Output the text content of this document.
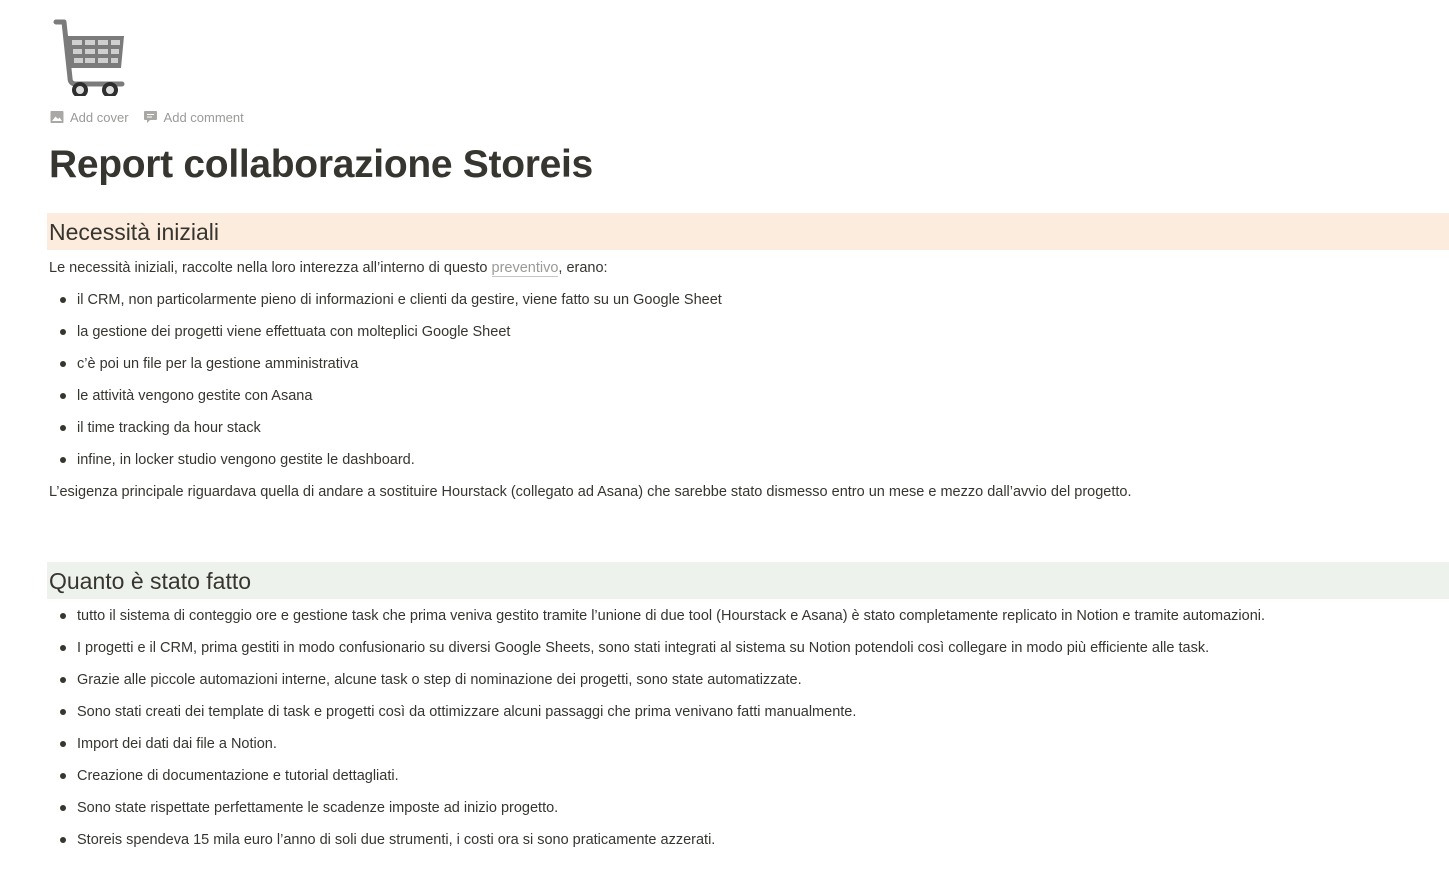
Add cover	Add comment
Report collaborazione Storeis
Necessità iniziali

Le necessità iniziali, raccolte nella loro interezza all’interno di questo preventivo, erano:

il CRM, non particolarmente pieno di informazioni e clienti da gestire, viene fatto su un Google Sheet
la gestione dei progetti viene effettuata con molteplici Google Sheet
c’è poi un file per la gestione amministrativa
le attività vengono gestite con Asana
il time tracking da hour stack
infine, in locker studio vengono gestite le dashboard.

L’esigenza principale riguardava quella di andare a sostituire Hourstack (collegato ad Asana) che sarebbe stato dismesso entro un mese e mezzo dall’avvio del progetto.

Quanto è stato fatto
tutto il sistema di conteggio ore e gestione task che prima veniva gestito tramite l’unione di due tool (Hourstack e Asana) è stato completamente replicato in Notion e tramite automazioni.
I progetti e il CRM, prima gestiti in modo confusionario su diversi Google Sheets, sono stati integrati al sistema su Notion potendoli così collegare in modo più efficiente alle task.
Grazie alle piccole automazioni interne, alcune task o step di nominazione dei progetti, sono state automatizzate.
Sono stati creati dei template di task e progetti così da ottimizzare alcuni passaggi che prima venivano fatti manualmente.
Import dei dati dai file a Notion.
Creazione di documentazione e tutorial dettagliati.
Sono state rispettate perfettamente le scadenze imposte ad inizio progetto.
Storeis spendeva 15 mila euro l’anno di soli due strumenti, i costi ora si sono praticamente azzerati.
